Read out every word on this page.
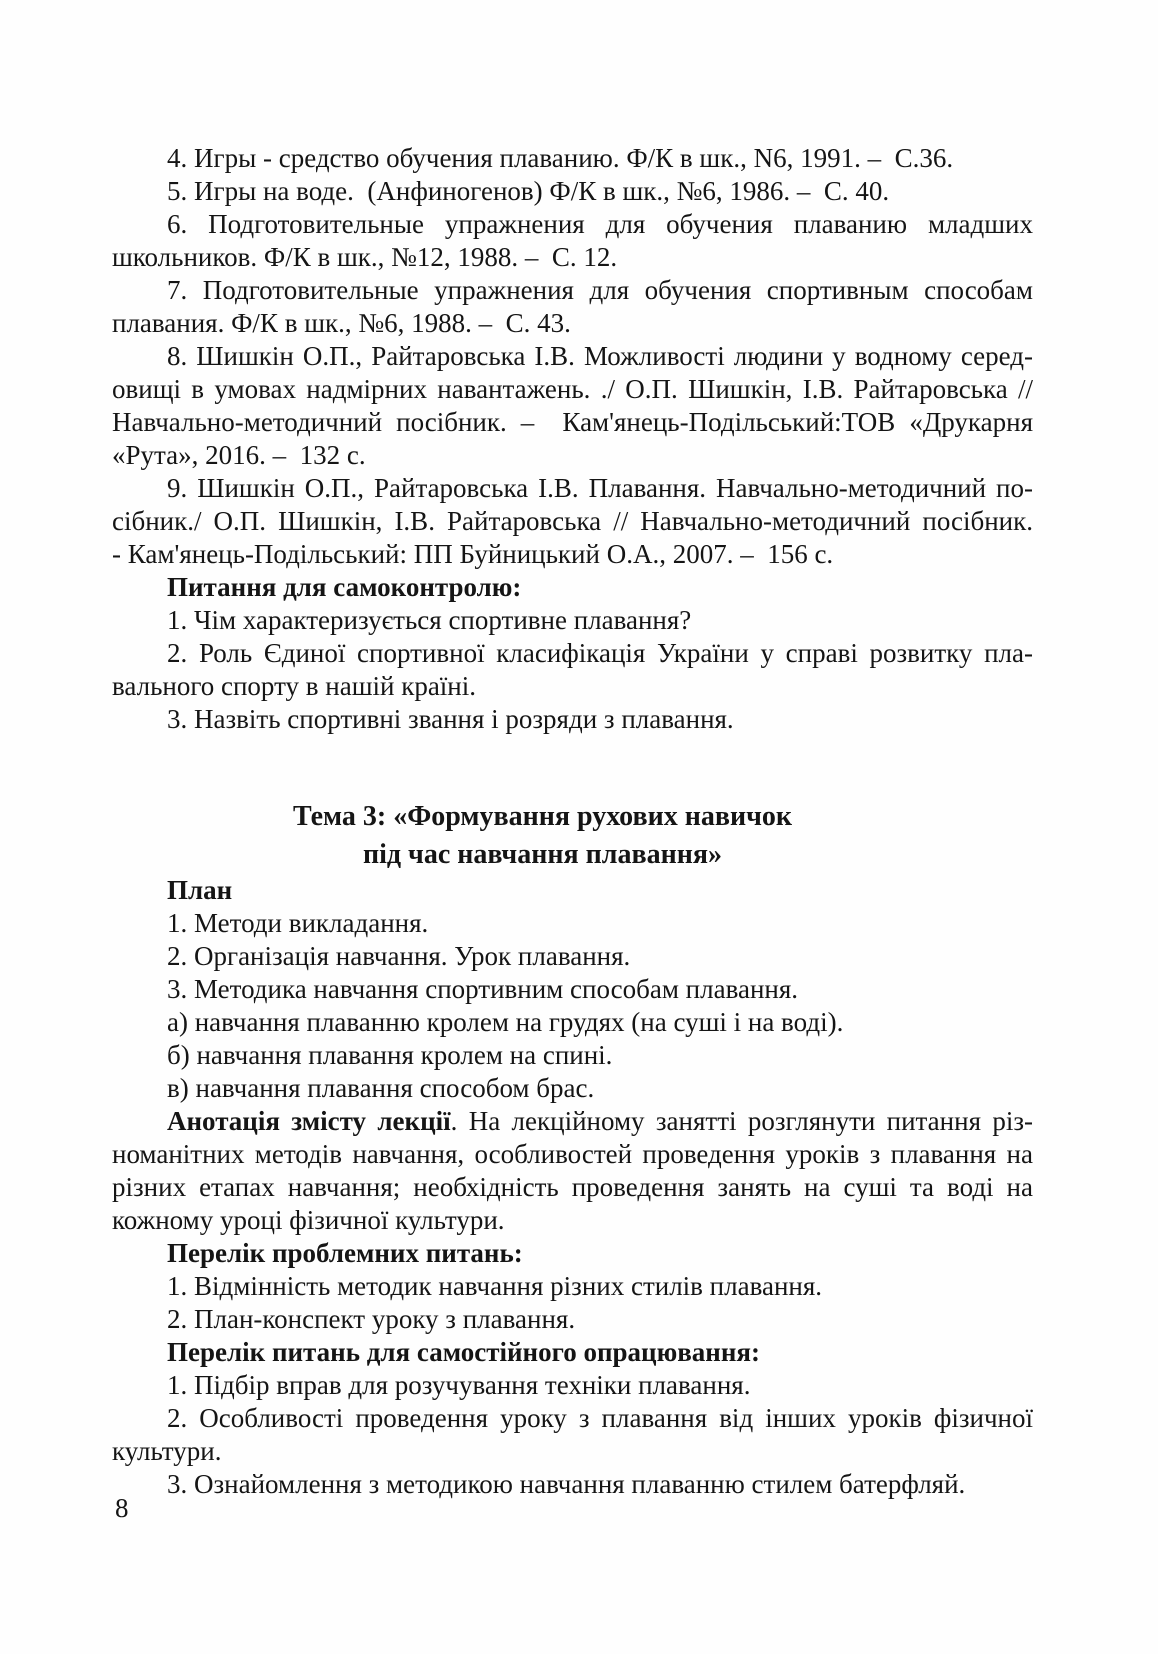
4. Игры - средство обучения плаванию. Ф/К в шк., N6, 1991. –  С.36.
5. Игры на воде.  (Анфиногенов) Ф/К в шк., №6, 1986. –  С. 40.
6. Подготовительные упражнения для обучения плаванию младших
школьников. Ф/К в шк., №12, 1988. –  С. 12.
7. Подготовительные упражнения для обучения спортивным способам
плавания. Ф/К в шк., №6, 1988. –  С. 43.
8. Шишкін О.П., Райтаровська І.В. Можливості людини у водному серед-
овищі в умовах надмірних навантажень. ./ О.П. Шишкін, І.В. Райтаровська //
Навчально-методичний посібник. –  Кам'янець-Подільський:ТОВ «Друкарня
«Рута», 2016. –  132 с.
9. Шишкін О.П., Райтаровська І.В. Плавання. Навчально-методичний по-
сібник./ О.П. Шишкін, І.В. Райтаровська // Навчально-методичний посібник.
- Кам'янець-Подільський: ПП Буйницький О.А., 2007. –  156 с.
Питання для самоконтролю:
1. Чім характеризується спортивне плавання?
2. Роль Єдиної спортивної класифікація України у справі розвитку пла-
вального спорту в нашій країні.
3. Назвіть спортивні звання і розряди з плавання.
Тема 3: «Формування рухових навичок
під час навчання плавання»
План
1. Методи викладання.
2. Організація навчання. Урок плавання.
3. Методика навчання спортивним способам плавання.
а) навчання плаванню кролем на грудях (на суші і на воді).
б) навчання плавання кролем на спині.
в) навчання плавання способом брас.
Анотація змісту лекції. На лекційному занятті розглянути питання різ-
номанітних методів навчання, особливостей проведення уроків з плавання на
різних етапах навчання; необхідність проведення занять на суші та воді на
кожному уроці фізичної культури.
Перелік проблемних питань:
1. Відмінність методик навчання різних стилів плавання.
2. План-конспект уроку з плавання.
Перелік питань для самостійного опрацювання:
1. Підбір вправ для розучування техніки плавання.
2. Особливості проведення уроку з плавання від інших уроків фізичної
культури.
3. Ознайомлення з методикою навчання плаванню стилем батерфляй.
8
